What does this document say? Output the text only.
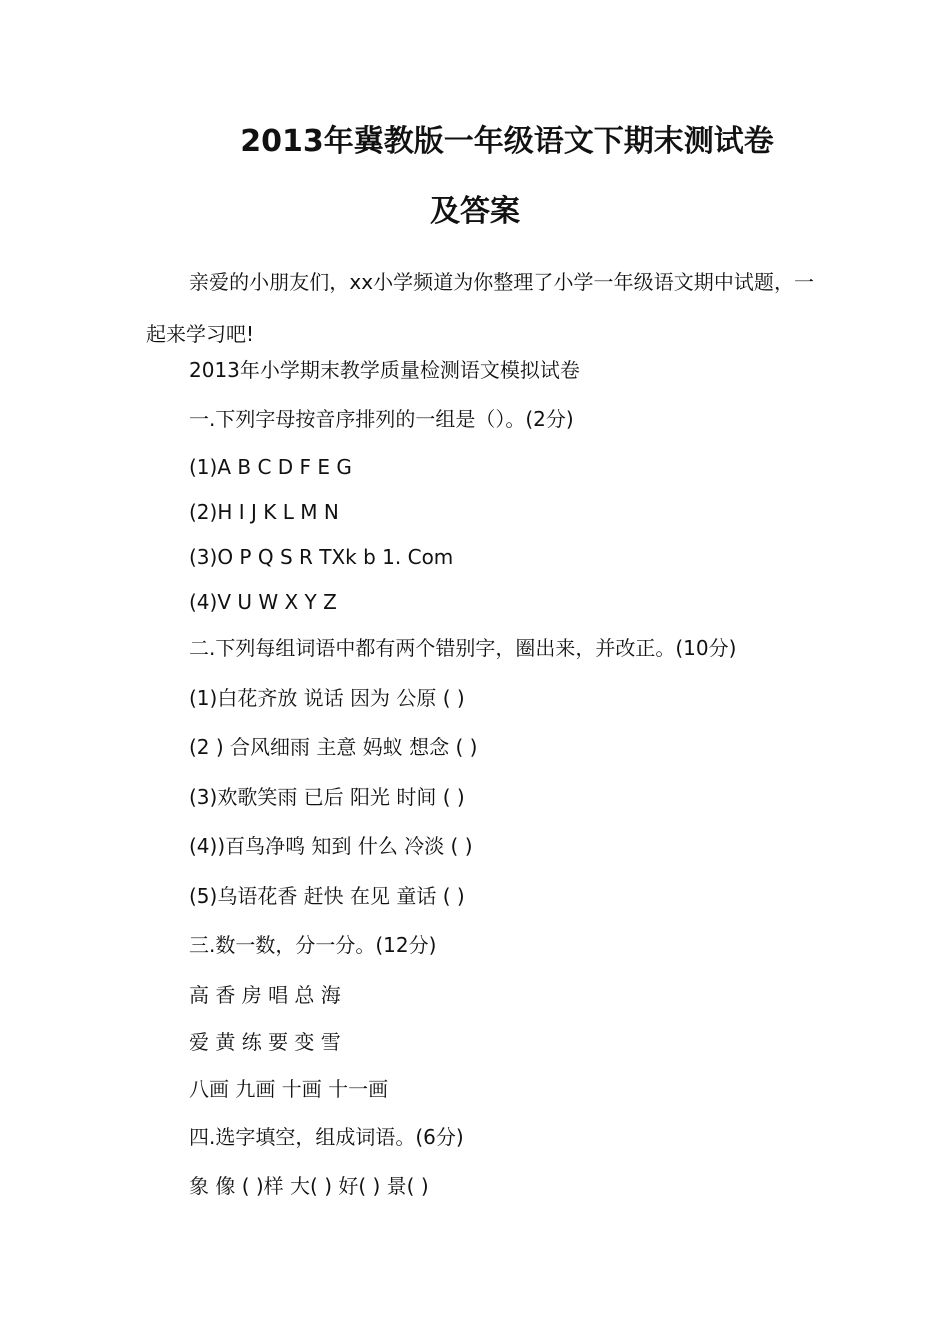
2013年冀教版一年级语文下期末测试卷
及答案
亲爱的小朋友们，xx小学频道为你整理了小学一年级语文期中试题，一起来学习吧!
2013年小学期末教学质量检测语文模拟试卷
一.下列字母按音序排列的一组是（）。(2分)
(1)A B C D F E G
(2)H I J K L M N
(3)O P Q S R TXk b 1. Com
(4)V U W X Y Z
二.下列每组词语中都有两个错别字，圈出来，并改正。(10分)
(1)白花齐放 说话 因为 公原 ( )
(2 ) 合风细雨 主意 妈蚁 想念 ( )
(3)欢歌笑雨 已后 阳光 时间 ( )
(4))百鸟净鸣 知到 什么 冷淡 ( )
(5)乌语花香 赶快 在见 童话 ( )
三.数一数，分一分。(12分)
高 香 房 唱 总 海
爱 黄 练 要 变 雪
八画 九画 十画 十一画
四.选字填空，组成词语。(6分)
象 像 ( )样 大( ) 好( ) 景( )
